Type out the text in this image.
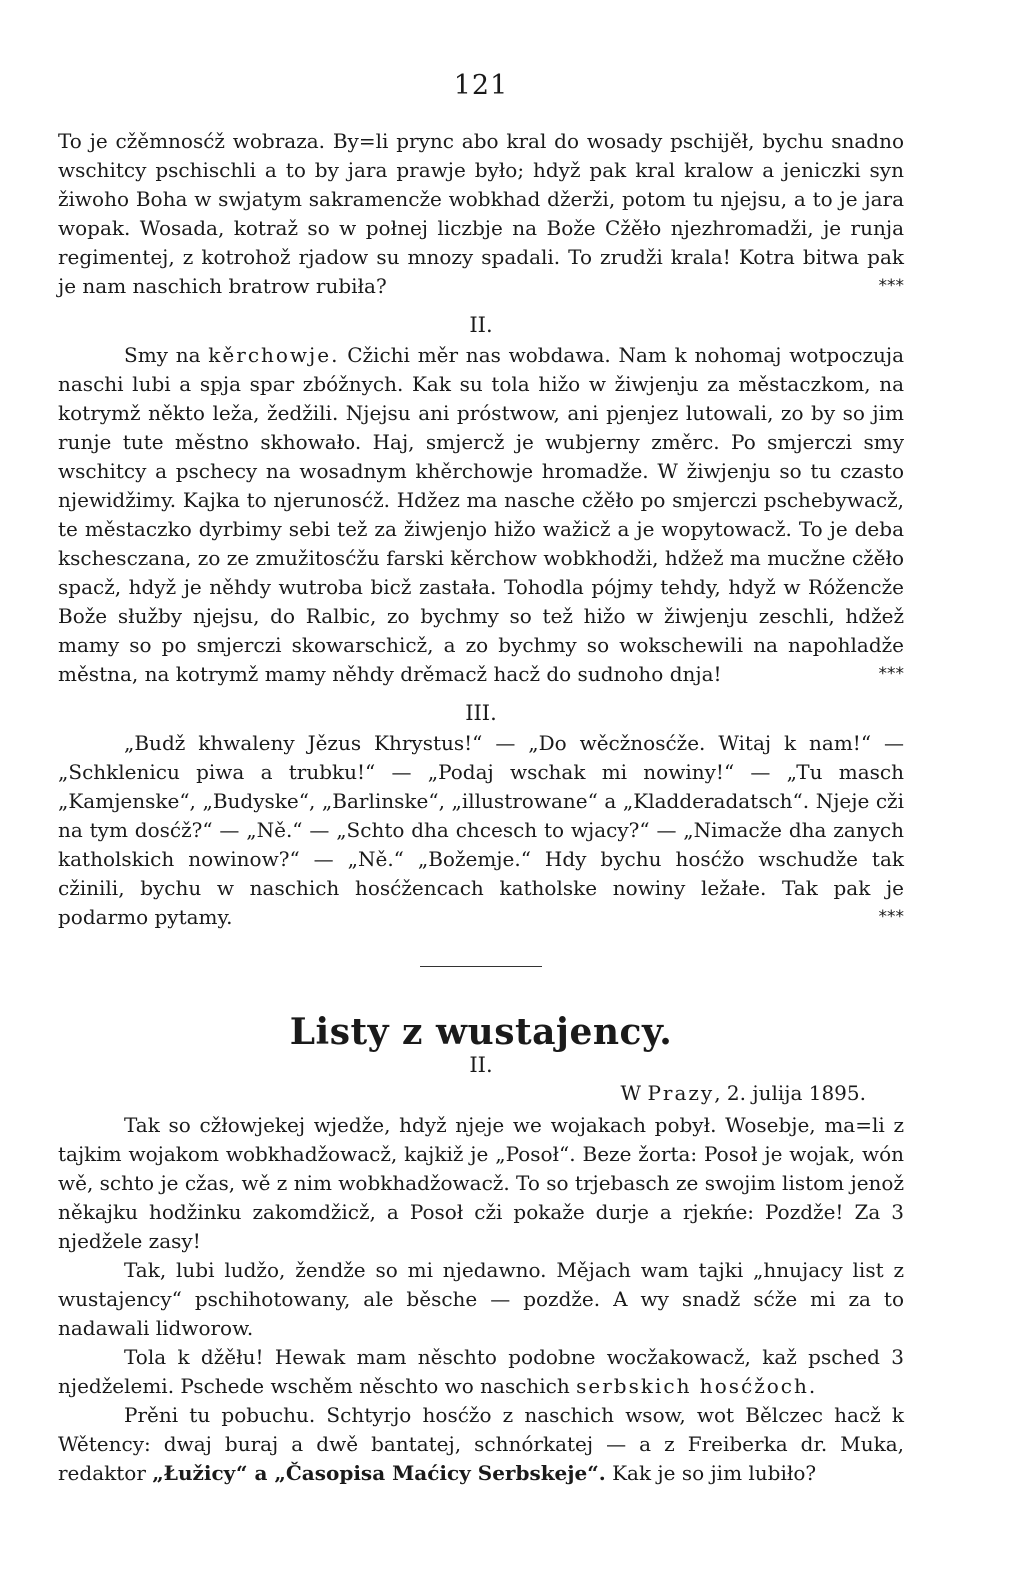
121

To je cžěmnosćž wobraza. By=li prync abo kral do wosady pschijěł, bychu snadno wschitcy pschischli a to by jara prawje było; hdyž pak kral kralow a jeniczki syn žiwoho Boha w swjatym sakramencže wobkhad džerži, potom tu njejsu, a to je jara wopak. Wosada, kotraž so w połnej liczbje na Bože Cžěło njezhromadži, je runja regimentej, z kotrohož rjadow su mnozy spadali. To zrudži krala! Kotra bitwa pak je nam naschich bratrow rubiła?	***

II.

Smy na kěrchowje. Cžichi měr nas wobdawa. Nam k nohomaj wotpoczuja naschi lubi a spja spar zbóžnych. Kak su tola hižo w žiwjenju za městaczkom, na kotrymž někto leža, žedžili. Njejsu ani próstwow, ani pjenjez lutowali, zo by so jim runje tute městno skhowało. Haj, smjercž je wubjerny změrc. Po smjerczi smy wschitcy a pschecy na wosadnym khěrchowje hromadže. W žiwjenju so tu czasto njewidžimy. Kajka to njerunosćž. Hdžez ma naschе cžěło po smjerczi pschebywacž, te městaczko dyrbimy sebi tež za žiwjenjo hižo wažicž a je wopytowacž. To je deba kschesczana, zo ze zmužitosćžu farski kěrchow wobkhodži, hdžež ma mucžne cžěło spacž, hdyž je něhdy wutroba bicž zastała. Tohodla pójmy tehdy, hdyž w Róžencže Bože słužby njejsu, do Ralbic, zo bychmy so tež hižo w žiwjenju zeschli, hdžež mamy so po smjerczi skowarschicž, a zo bychmy so wokschewili na napohladže městna, na kotrymž mamy něhdy drěmacž hacž do sudnoho dnja!	***

III.

„Budž khwaleny Jězus Khrystus!“ — „Do wěcžnosćže. Witaj k nam!“ — „Schklenicu piwa a trubku!“ — „Podaj wschak mi nowiny!“ — „Tu masch „Kamjenske“, „Budyske“, „Barlinske“, „illustrowane“ a „Kladderadatsch“. Njeje cži na tym dosćž?“ — „Ně.“ — „Schto dha chcesch to wjacy?“ — „Nimacže dha zanych katholskich nowinow?“ — „Ně.“ „Božemje.“ Hdy bychu hosćžo wschudže tak cžinili, bychu w naschich hosćžencach katholske nowiny ležałe. Tak pak je podarmo pytamy.	***

Listy z wustajency.
II.
W Prazy, 2. julija 1895.

Tak so cžłowjekej wjedže, hdyž njeje we wojakach pobył. Wosebje, ma=li z tajkim wojakom wobkhadžowacž, kajkiž je „Posoł“. Beze žorta: Posoł je wojak, wón wě, schto je cžas, wě z nim wobkhadžowacž. To so trjebasch ze swojim listom jenož někajku hodžinku zakomdžicž, a Posoł cži pokaže durje a rjekńe: Pozdže! Za 3 njedžele zasy!

Tak, lubi ludžo, žendže so mi njedawno. Mějach wam tajki „hnujacy list z wustajency“ pschihotowany, ale běsche — pozdže. A wy snadž sćže mi za to nadawali lidworow.

Tola k džěłu! Hewak mam něschto podobne wocžakowacž, kaž pschеd 3 njedželemi. Pschede wschěm něschto wo naschich serbskich hosćžoch.

Prěni tu pobuchu. Schtyrjo hosćžo z naschich wsow, wot Bělczec hacž k Wětency: dwaj buraj a dwě bantatej, schnórkatej — a z Freiberka dr. Muka, redaktor „Łužicy“ a „Časopisa Maćicy Serbskeje“. Kak je so jim lubiło?
